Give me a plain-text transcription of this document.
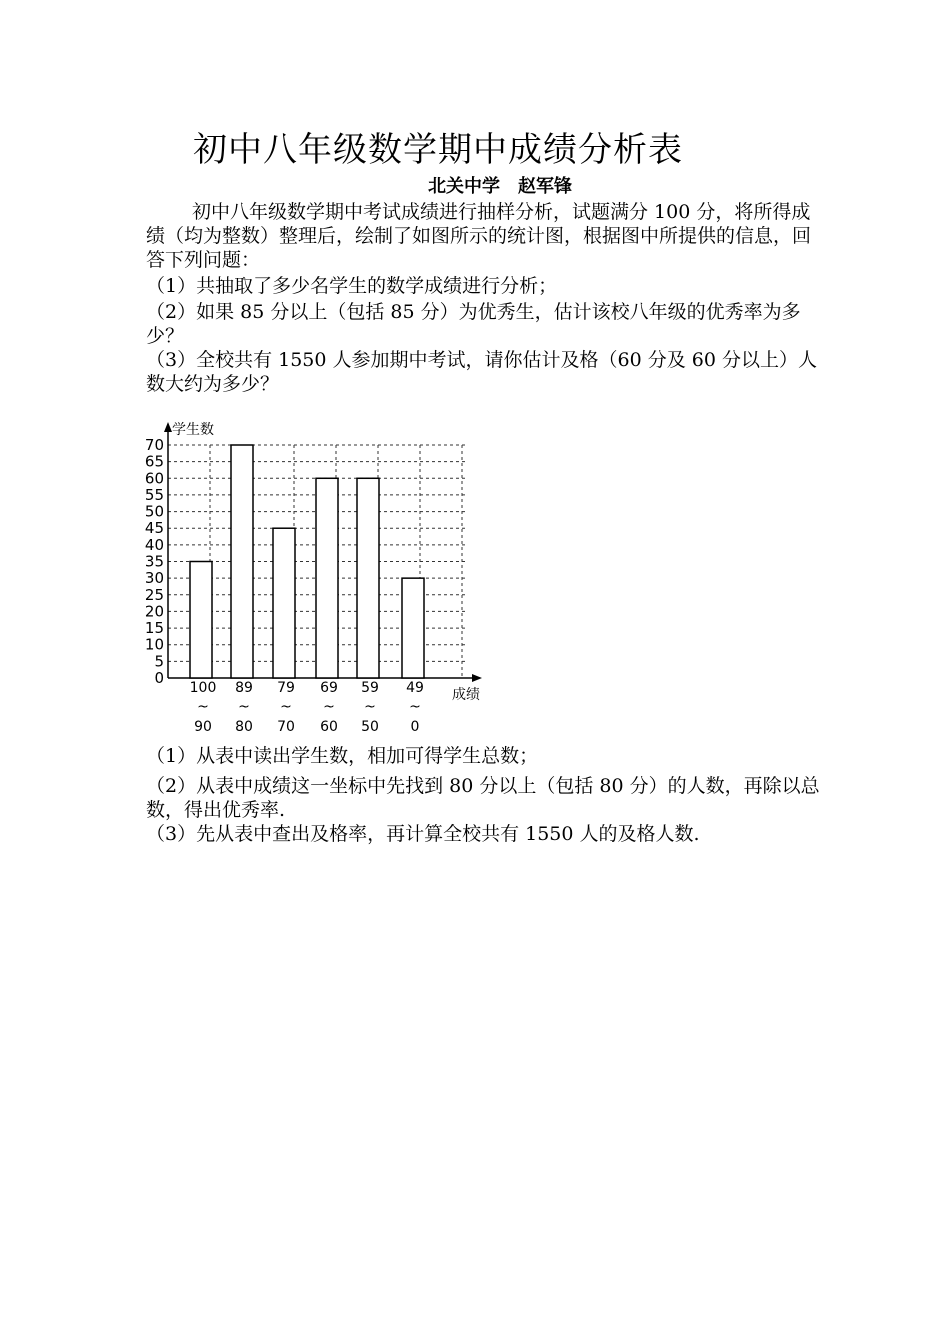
初中八年级数学期中成绩分析表
北关中学　赵军锋
初中八年级数学期中考试成绩进行抽样分析，试题满分 100 分，将所得成绩（均为整数）整理后，绘制了如图所示的统计图，根据图中所提供的信息，回答下列问题：
（1）共抽取了多少名学生的数学成绩进行分析；
（2）如果 85 分以上（包括 85 分）为优秀生，估计该校八年级的优秀率为多少？
（3）全校共有 1550 人参加期中考试，请你估计及格（60 分及 60 分以上）人数大约为多少？
学生数
成绩
0
5
10
15
20
25
30
35
40
45
50
55
60
65
70
100
~
90
89
~
80
79
~
70
69
~
60
59
~
50
49
~
0
（1）从表中读出学生数，相加可得学生总数；
（2）从表中成绩这一坐标中先找到 80 分以上（包括 80 分）的人数，再除以总数，得出优秀率.
（3）先从表中查出及格率，再计算全校共有 1550 人的及格人数.
